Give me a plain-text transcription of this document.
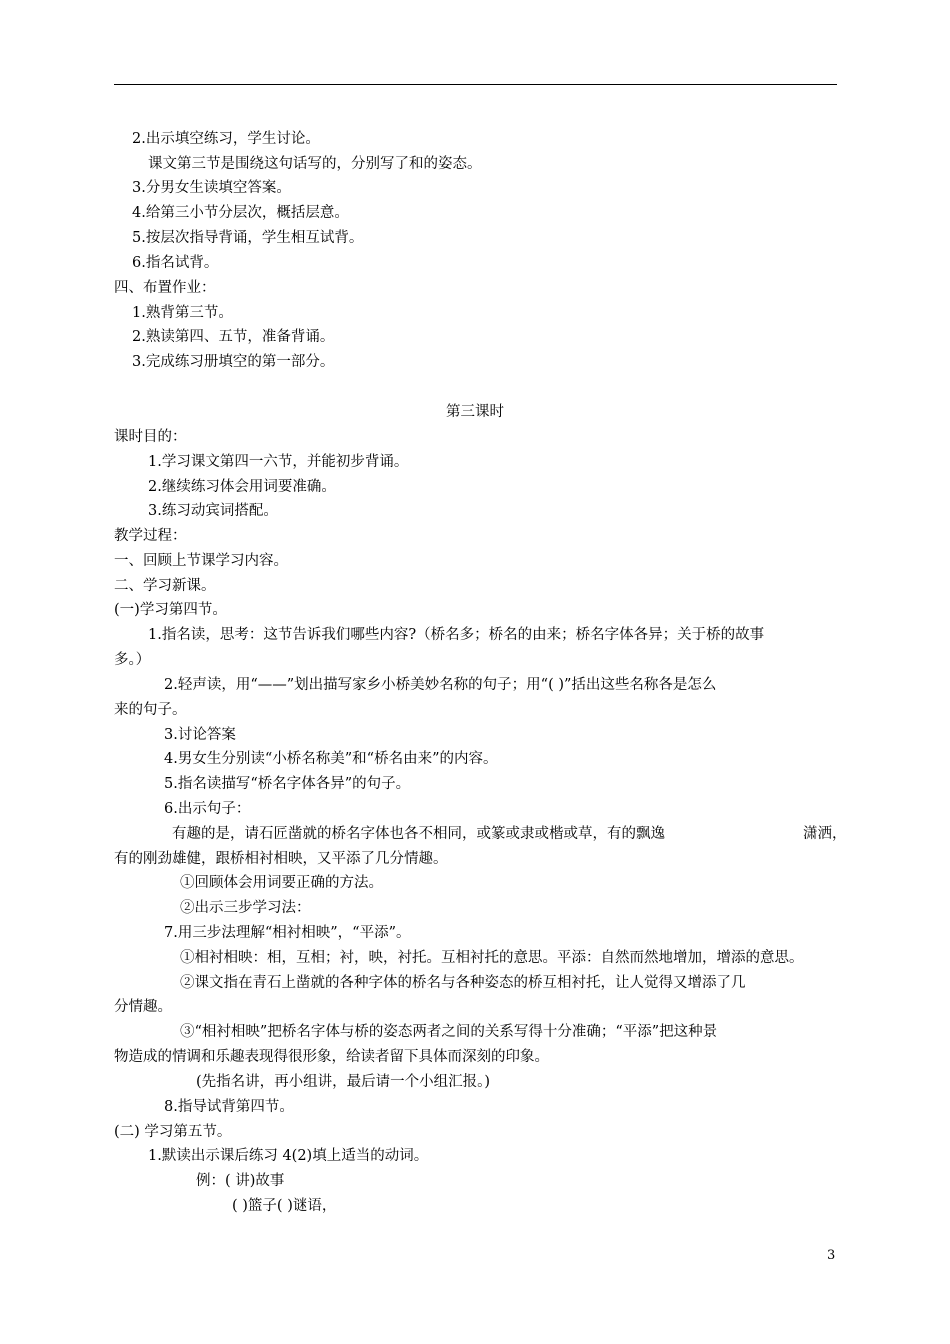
2.出示填空练习，学生讨论。
课文第三节是围绕这句话写的，分别写了和的姿态。
3.分男女生读填空答案。
4.给第三小节分层次，概括层意。
5.按层次指导背诵，学生相互试背。
6.指名试背。
四、布置作业：
1.熟背第三节。
2.熟读第四、五节，准备背诵。
3.完成练习册填空的第一部分。
第三课时
课时目的：
1.学习课文第四一六节，并能初步背诵。
2.继续练习体会用词要准确。
3.练习动宾词搭配。
教学过程：
一、回顾上节课学习内容。
二、学习新课。
(一)学习第四节。
1.指名读，思考：这节告诉我们哪些内容?（桥名多；桥名的由来；桥名字体各异；关于桥的故事
多。）
2.轻声读，用“——”划出描写家乡小桥美妙名称的句子；用“( )”括出这些名称各是怎么
来的句子。
3.讨论答案
4.男女生分别读“小桥名称美”和“桥名由来”的内容。
5.指名读描写“桥名字体各异”的句子。
6.出示句子：
有趣的是，请石匠凿就的桥名字体也各不相同，或篆或隶或楷或草，有的飘逸	潇洒，
有的刚劲雄健，跟桥相衬相映，又平添了几分情趣。
①回顾体会用词要正确的方法。
②出示三步学习法：
7.用三步法理解“相衬相映”，“平添”。
①相衬相映：相，互相；衬，映，衬托。互相衬托的意思。平添：自然而然地增加，增添的意思。
②课文指在青石上凿就的各种字体的桥名与各种姿态的桥互相衬托，让人觉得又增添了几
分情趣。
③“相衬相映”把桥名字体与桥的姿态两者之间的关系写得十分准确；“平添”把这种景
物造成的情调和乐趣表现得很形象，给读者留下具体而深刻的印象。
(先指名讲，再小组讲，最后请一个小组汇报。)
8.指导试背第四节。
(二) 学习第五节。
1.默读出示课后练习 4(2)填上适当的动词。
例：( 讲)故事
( )篮子( )谜语，
3
